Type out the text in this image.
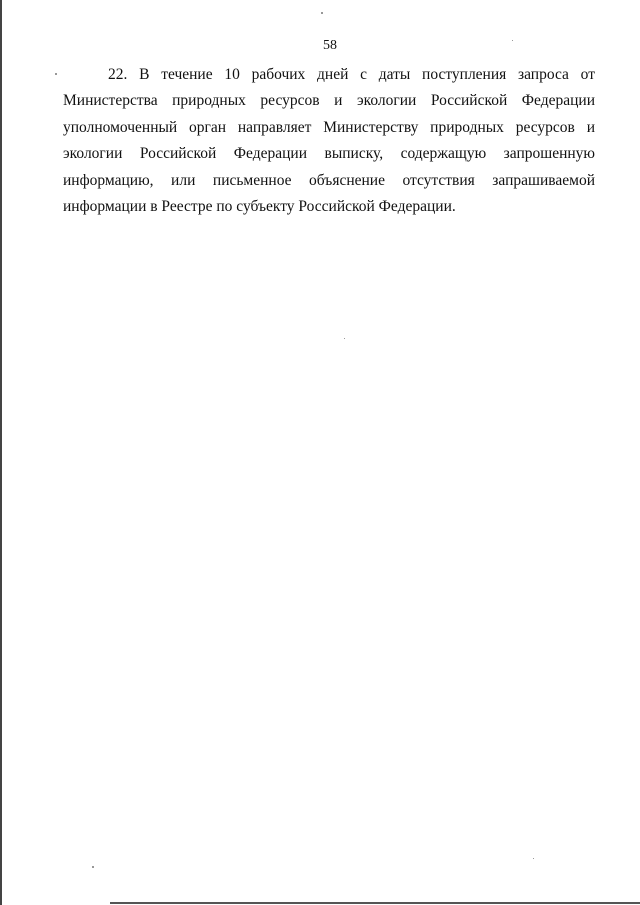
58

22. В течение 10 рабочих дней с даты поступления запроса от Министерства природных ресурсов и экологии Российской Федерации уполномоченный орган направляет Министерству природных ресурсов и экологии Российской Федерации выписку, содержащую запрошенную информацию, или письменное объяснение отсутствия запрашиваемой информации в Реестре по субъекту Российской Федерации.
